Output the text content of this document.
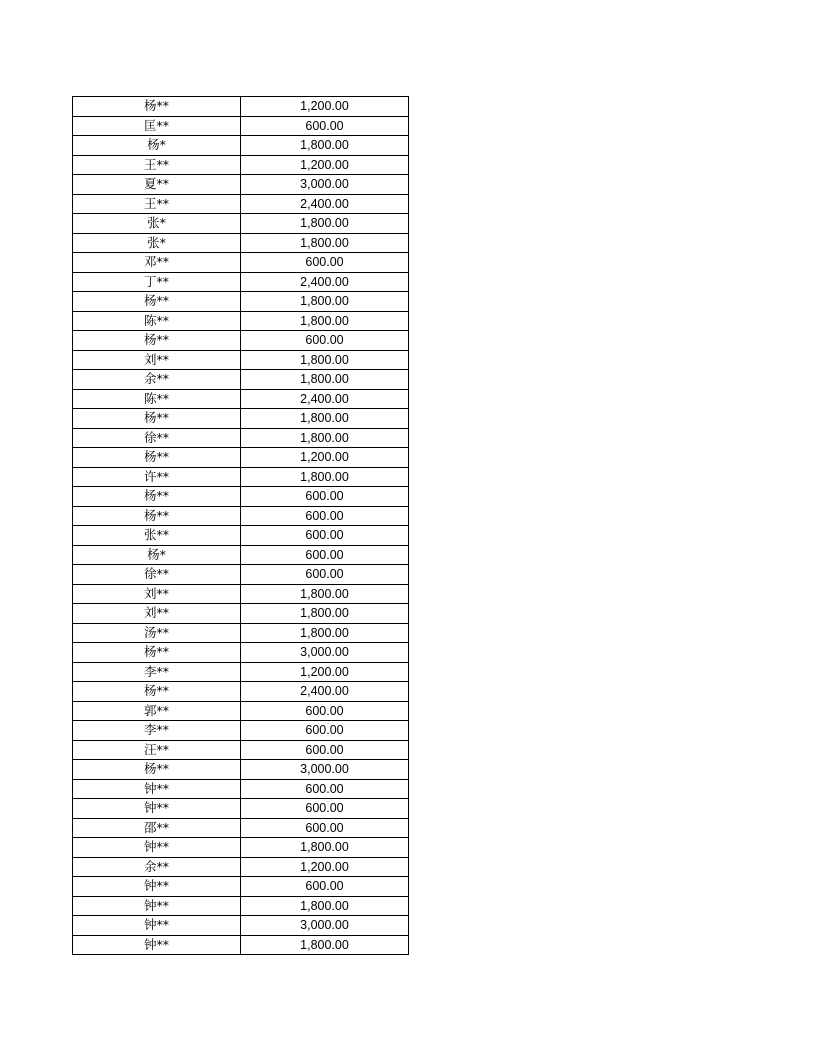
杨**	1,200.00
匡**	600.00
杨*	1,800.00
王**	1,200.00
夏**	3,000.00
王**	2,400.00
张*	1,800.00
张*	1,800.00
邓**	600.00
丁**	2,400.00
杨**	1,800.00
陈**	1,800.00
杨**	600.00
刘**	1,800.00
余**	1,800.00
陈**	2,400.00
杨**	1,800.00
徐**	1,800.00
杨**	1,200.00
许**	1,800.00
杨**	600.00
杨**	600.00
张**	600.00
杨*	600.00
徐**	600.00
刘**	1,800.00
刘**	1,800.00
汤**	1,800.00
杨**	3,000.00
李**	1,200.00
杨**	2,400.00
郭**	600.00
李**	600.00
汪**	600.00
杨**	3,000.00
钟**	600.00
钟**	600.00
邵**	600.00
钟**	1,800.00
余**	1,200.00
钟**	600.00
钟**	1,800.00
钟**	3,000.00
钟**	1,800.00
